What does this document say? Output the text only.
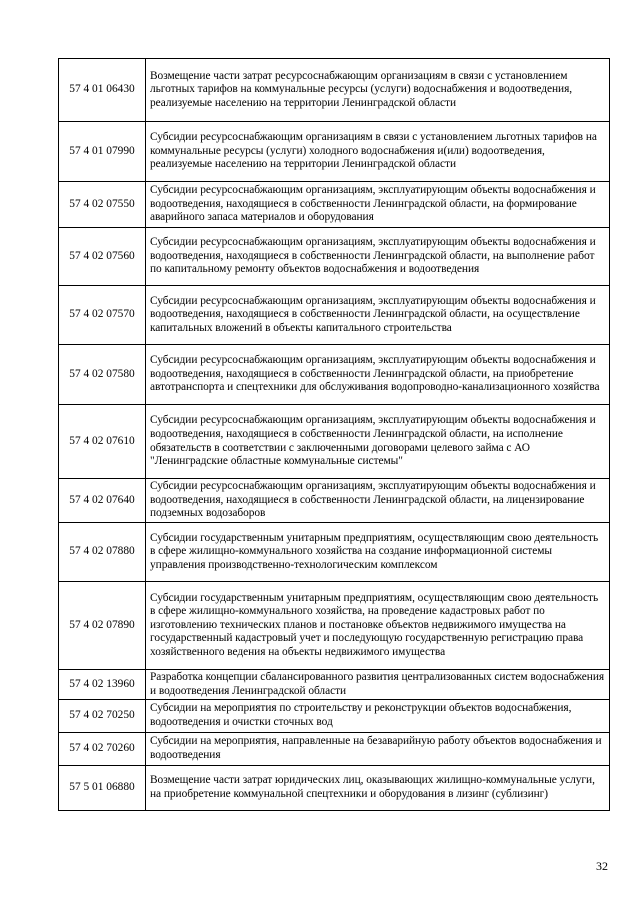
57 4 01 06430	Возмещение части затрат ресурсоснабжающим организациям в связи с установлением льготных тарифов на коммунальные ресурсы (услуги) водоснабжения и водоотведения, реализуемые населению на территории Ленинградской области
57 4 01 07990	Субсидии ресурсоснабжающим организациям в связи с установлением льготных тарифов на коммунальные ресурсы (услуги) холодного водоснабжения и(или) водоотведения, реализуемые населению на территории Ленинградской области
57 4 02 07550	Субсидии ресурсоснабжающим организациям, эксплуатирующим объекты водоснабжения и водоотведения, находящиеся в собственности Ленинградской области, на формирование аварийного запаса материалов и оборудования
57 4 02 07560	Субсидии ресурсоснабжающим организациям, эксплуатирующим объекты водоснабжения и водоотведения, находящиеся в собственности Ленинградской области, на выполнение работ по капитальному ремонту объектов водоснабжения и водоотведения
57 4 02 07570	Субсидии ресурсоснабжающим организациям, эксплуатирующим объекты водоснабжения и водоотведения, находящиеся в собственности Ленинградской области, на осуществление капитальных вложений в объекты капитального строительства
57 4 02 07580	Субсидии ресурсоснабжающим организациям, эксплуатирующим объекты водоснабжения и водоотведения, находящиеся в собственности Ленинградской области, на приобретение автотранспорта и спецтехники для обслуживания водопроводно-канализационного хозяйства
57 4 02 07610	Субсидии ресурсоснабжающим организациям, эксплуатирующим объекты водоснабжения и водоотведения, находящиеся в собственности Ленинградской области, на исполнение обязательств в соответствии с заключенными договорами целевого займа с АО "Ленинградские областные коммунальные системы"
57 4 02 07640	Субсидии ресурсоснабжающим организациям, эксплуатирующим объекты водоснабжения и водоотведения, находящиеся в собственности Ленинградской области, на лицензирование подземных водозаборов
57 4 02 07880	Субсидии государственным унитарным предприятиям, осуществляющим свою деятельность в сфере жилищно-коммунального хозяйства на создание информационной системы управления производственно-технологическим комплексом
57 4 02 07890	Субсидии государственным унитарным предприятиям, осуществляющим свою деятельность в сфере жилищно-коммунального хозяйства, на проведение кадастровых работ по изготовлению технических планов и постановке объектов недвижимого имущества на государственный кадастровый учет и последующую государственную регистрацию права хозяйственного ведения на объекты недвижимого имущества
57 4 02 13960	Разработка концепции сбалансированного развития централизованных систем водоснабжения и водоотведения Ленинградской области
57 4 02 70250	Субсидии на мероприятия по строительству и реконструкции объектов водоснабжения, водоотведения и очистки сточных вод
57 4 02 70260	Субсидии на мероприятия, направленные на безаварийную работу объектов водоснабжения и водоотведения
57 5 01 06880	Возмещение части затрат юридических лиц, оказывающих жилищно-коммунальные услуги, на приобретение коммунальной спецтехники и оборудования в лизинг (сублизинг)
32
